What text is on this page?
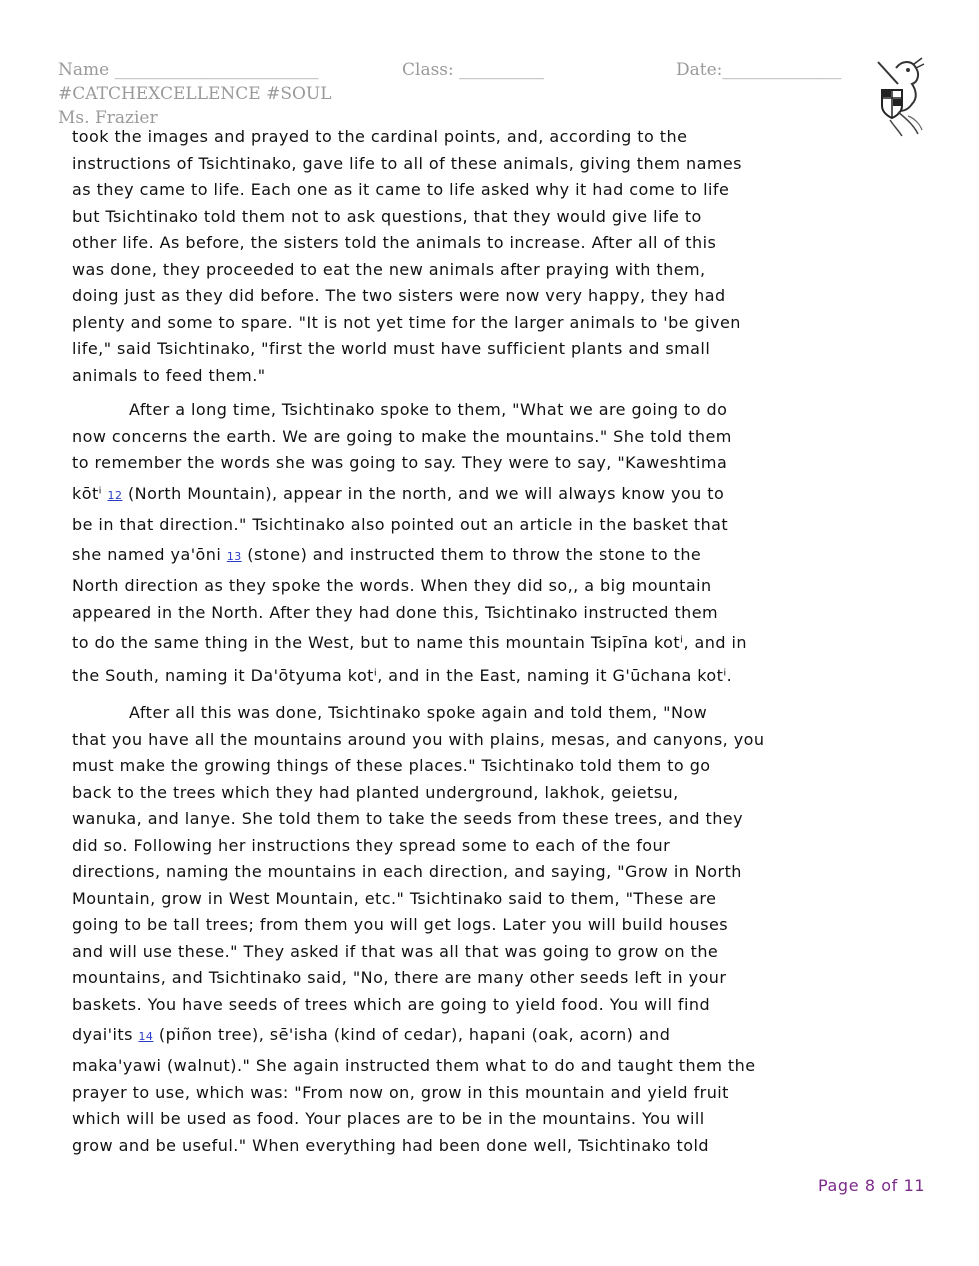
Name ________________________	Class: __________	Date:______________
#CATCHEXCELLENCE #SOUL
Ms. Frazier

took the images and prayed to the cardinal points, and, according to the
instructions of Tsichtinako, gave life to all of these animals, giving them names
as they came to life. Each one as it came to life asked why it had come to life
but Tsichtinako told them not to ask questions, that they would give life to
other life. As before, the sisters told the animals to increase. After all of this
was done, they proceeded to eat the new animals after praying with them,
doing just as they did before. The two sisters were now very happy, they had
plenty and some to spare. "It is not yet time for the larger animals to 'be given
life," said Tsichtinako, "first the world must have sufficient plants and small
animals to feed them."

After a long time, Tsichtinako spoke to them, "What we are going to do
now concerns the earth. We are going to make the mountains." She told them
to remember the words she was going to say. They were to say, "Kaweshtima
kōtⁱ 12 (North Mountain), appear in the north, and we will always know you to
be in that direction." Tsichtinako also pointed out an article in the basket that
she named ya'ōni 13 (stone) and instructed them to throw the stone to the
North direction as they spoke the words. When they did so,, a big mountain
appeared in the North. After they had done this, Tsichtinako instructed them
to do the same thing in the West, but to name this mountain Tsipīna kotⁱ, and in
the South, naming it Da'ōtyuma kotⁱ, and in the East, naming it G'ūchana kotⁱ.

After all this was done, Tsichtinako spoke again and told them, "Now
that you have all the mountains around you with plains, mesas, and canyons, you
must make the growing things of these places." Tsichtinako told them to go
back to the trees which they had planted underground, lakhok, geietsu,
wanuka, and lanye. She told them to take the seeds from these trees, and they
did so. Following her instructions they spread some to each of the four
directions, naming the mountains in each direction, and saying, "Grow in North
Mountain, grow in West Mountain, etc." Tsichtinako said to them, "These are
going to be tall trees; from them you will get logs. Later you will build houses
and will use these." They asked if that was all that was going to grow on the
mountains, and Tsichtinako said, "No, there are many other seeds left in your
baskets. You have seeds of trees which are going to yield food. You will find
dyai'its 14 (piñon tree), sē'isha (kind of cedar), hapani (oak, acorn) and
maka'yawi (walnut)." She again instructed them what to do and taught them the
prayer to use, which was: "From now on, grow in this mountain and yield fruit
which will be used as food. Your places are to be in the mountains. You will
grow and be useful." When everything had been done well, Tsichtinako told

Page 8 of 11
